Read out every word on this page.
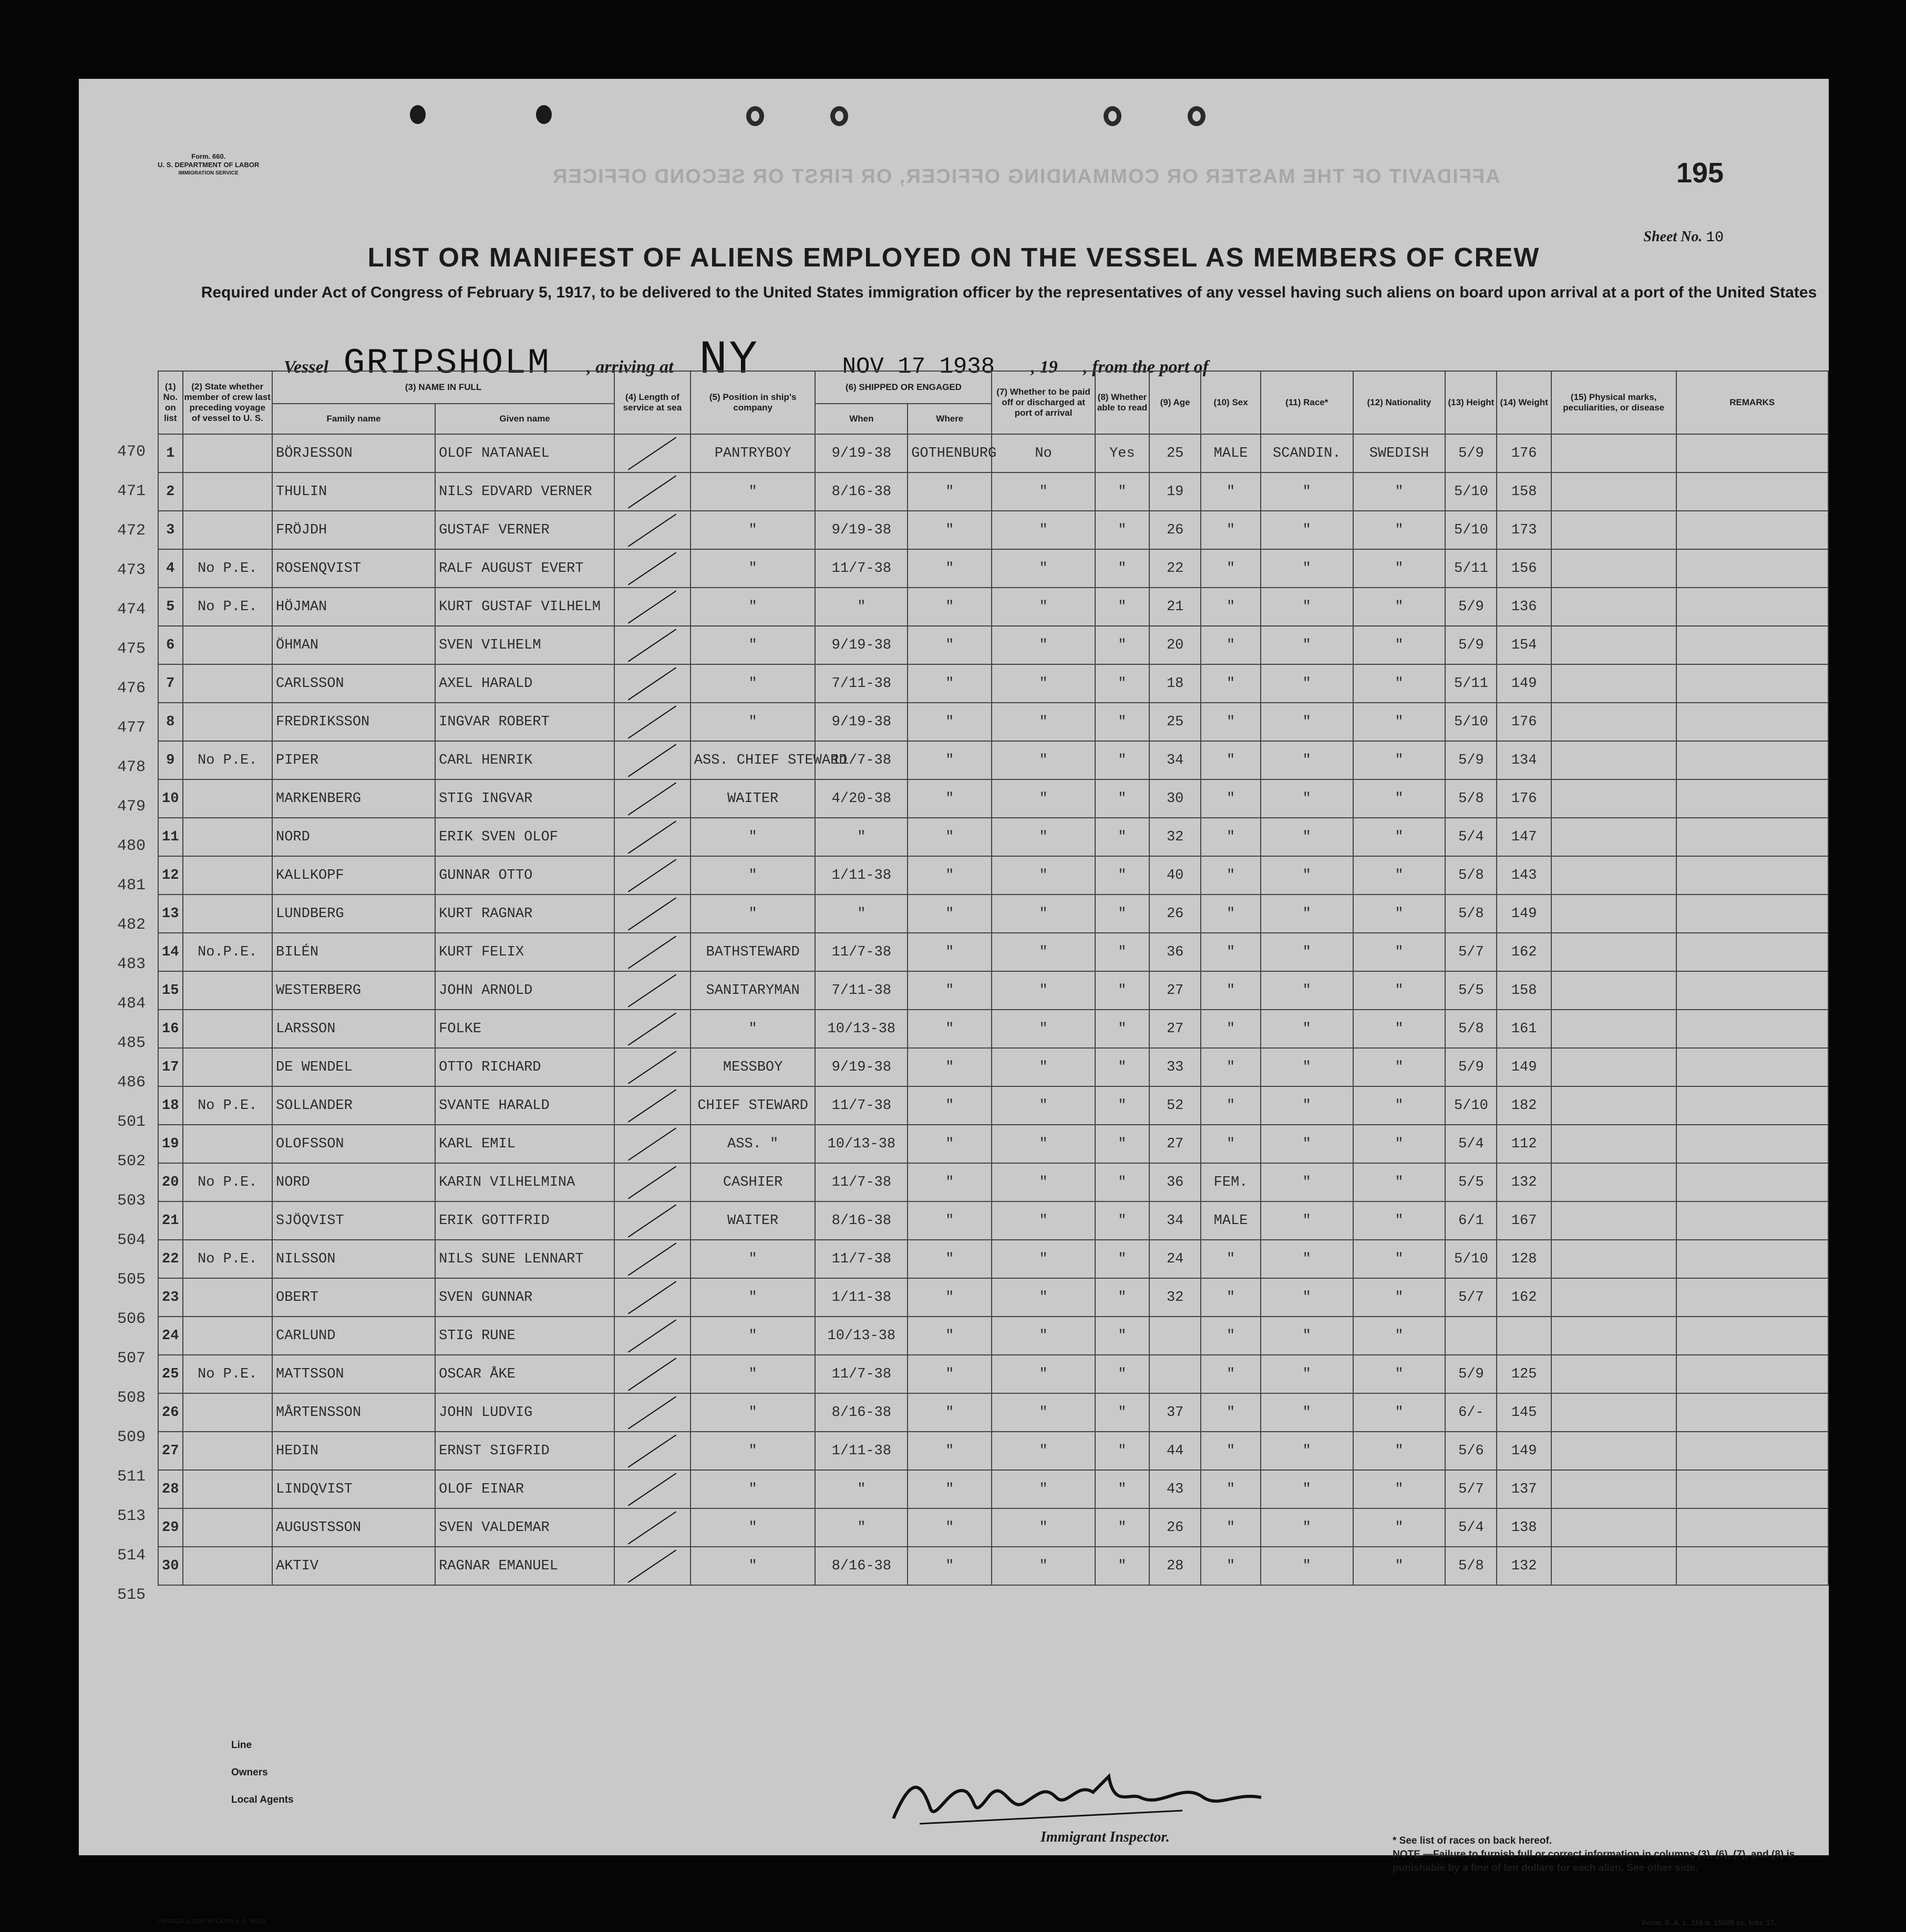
Form. 660.
U. S. DEPARTMENT OF LABOR
IMMIGRATION SERVICE	AFFIDAVIT OF THE MASTER OR COMMANDING OFFICER, OR FIRST OR SECOND OFFICER	195
Sheet No. 10
LIST OR MANIFEST OF ALIENS EMPLOYED ON THE VESSEL AS MEMBERS OF CREW
Required under Act of Congress of February 5, 1917, to be delivered to the United States immigration officer by the representatives of any vessel having such aliens on board upon arrival at a port of the United States
Vessel GRIPSHOLM , arriving at NY	NOV 17 1938 , 19 , from the port of
470
471
472
473
474
475
476
477
478
479
480
481
482
483
484
485
486
501
502
503
504
505
506
507
508
509
511
513
514
515
(1) No. on list	(2) State whether member of crew last preceding voyage of vessel to U. S.	(3) NAME IN FULL		(4) Length of service at sea	(5) Position in ship's company	(6) SHIPPED OR ENGAGED		(7) Whether to be paid off or discharged at port of arrival	(8) Whether able to read	(9) Age	(10) Sex	(11) Race*	(12) Nationality	(13) Height	(14) Weight	(15) Physical marks, peculiarities, or disease	REMARKS
		Family name	Given name			When	Where										
1		BÖRJESSON	OLOF NATANAEL		PANTRYBOY	9/19-38	GOTHENBURG	No	Yes	25	MALE	SCANDIN.	SWEDISH	5/9	176		
2		THULIN	NILS EDVARD VERNER		"	8/16-38	"	"	"	19	"	"	"	5/10	158		
3		FRÖJDH	GUSTAF VERNER		"	9/19-38	"	"	"	26	"	"	"	5/10	173		
4	No P.E.	ROSENQVIST	RALF AUGUST EVERT		"	11/7-38	"	"	"	22	"	"	"	5/11	156		
5	No P.E.	HÖJMAN	KURT GUSTAF VILHELM		"	"	"	"	"	21	"	"	"	5/9	136		
6		ÖHMAN	SVEN VILHELM		"	9/19-38	"	"	"	20	"	"	"	5/9	154		
7		CARLSSON	AXEL HARALD		"	7/11-38	"	"	"	18	"	"	"	5/11	149		
8		FREDRIKSSON	INGVAR ROBERT		"	9/19-38	"	"	"	25	"	"	"	5/10	176		
9	No P.E.	PIPER	CARL HENRIK		ASS. CHIEF STEWARD	11/7-38	"	"	"	34	"	"	"	5/9	134		
10		MARKENBERG	STIG INGVAR		WAITER	4/20-38	"	"	"	30	"	"	"	5/8	176		
11		NORD	ERIK SVEN OLOF		"	"	"	"	"	32	"	"	"	5/4	147		
12		KALLKOPF	GUNNAR OTTO		"	1/11-38	"	"	"	40	"	"	"	5/8	143		
13		LUNDBERG	KURT RAGNAR		"	"	"	"	"	26	"	"	"	5/8	149		
14	No.P.E.	BILÉN	KURT FELIX		BATHSTEWARD	11/7-38	"	"	"	36	"	"	"	5/7	162		
15		WESTERBERG	JOHN ARNOLD		SANITARYMAN	7/11-38	"	"	"	27	"	"	"	5/5	158		
16		LARSSON	FOLKE		"	10/13-38	"	"	"	27	"	"	"	5/8	161		
17		DE WENDEL	OTTO RICHARD		MESSBOY	9/19-38	"	"	"	33	"	"	"	5/9	149		
18	No P.E.	SOLLANDER	SVANTE HARALD		CHIEF STEWARD	11/7-38	"	"	"	52	"	"	"	5/10	182		
19		OLOFSSON	KARL EMIL		ASS. "	10/13-38	"	"	"	27	"	"	"	5/4	112		
20	No P.E.	NORD	KARIN VILHELMINA		CASHIER	11/7-38	"	"	"	36	FEM.	"	"	5/5	132		
21		SJÖQVIST	ERIK GOTTFRID		WAITER	8/16-38	"	"	"	34	MALE	"	"	6/1	167		
22	No P.E.	NILSSON	NILS SUNE LENNART		"	11/7-38	"	"	"	24	"	"	"	5/10	128		
23		OBERT	SVEN GUNNAR		"	1/11-38	"	"	"	32	"	"	"	5/7	162		
24		CARLUND	STIG RUNE		"	10/13-38	"	"	"		"	"	"				
25	No P.E.	MATTSSON	OSCAR ÅKE		"	11/7-38	"	"	"		"	"	"	5/9	125		
26		MÅRTENSSON	JOHN LUDVIG		"	8/16-38	"	"	"	37	"	"	"	6/-	145		
27		HEDIN	ERNST SIGFRID		"	1/11-38	"	"	"	44	"	"	"	5/6	149		
28		LINDQVIST	OLOF EINAR		"	"	"	"	"	43	"	"	"	5/7	137		
29		AUGUSTSSON	SVEN VALDEMAR		"	"	"	"	"	26	"	"	"	5/4	138		
30		AKTIV	RAGNAR EMANUEL		"	8/16-38	"	"	"	28	"	"	"	5/8	132		
Line
Owners
Local Agents
Immigrant Inspector.	* See list of races on back hereof.
NOTE.—Failure to furnish full or correct information in columns (3), (6), (7), and (8) is punishable by a fine of ten dollars for each alien. See other side.
OBSTADIUS BOKTRYCKERI A.-B. 38184	Form. S. A. L. 116 n. 15000 ex. febr. 37.
